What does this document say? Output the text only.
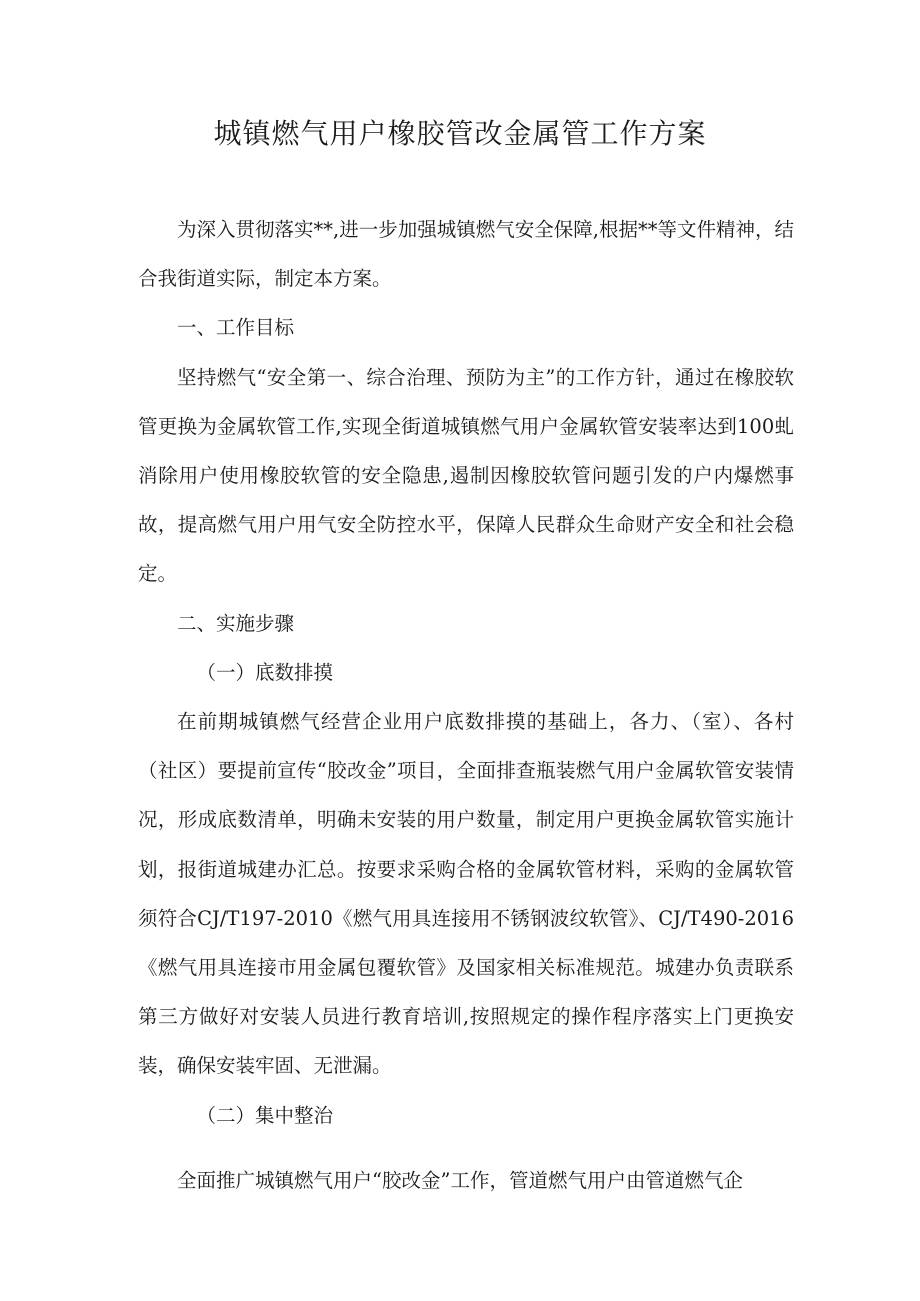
城镇燃气用户橡胶管改金属管工作方案

为深入贯彻落实**,进一步加强城镇燃气安全保障,根据**等文件精神，结合我街道实际，制定本方案。

一、工作目标

坚持燃气“安全第一、综合治理、预防为主”的工作方针，通过在橡胶软管更换为金属软管工作,实现全街道城镇燃气用户金属软管安装率达到100虬消除用户使用橡胶软管的安全隐患,遏制因橡胶软管问题引发的户内爆燃事故，提高燃气用户用气安全防控水平，保障人民群众生命财产安全和社会稳定。

二、实施步骤

（一）底数排摸

在前期城镇燃气经营企业用户底数排摸的基础上，各力、（室）、各村（社区）要提前宣传“胶改金”项目，全面排查瓶装燃气用户金属软管安装情况，形成底数清单，明确未安装的用户数量，制定用户更换金属软管实施计划，报街道城建办汇总。按要求采购合格的金属软管材料，采购的金属软管须符合CJ/T197-2010《燃气用具连接用不锈钢波纹软管》、CJ/T490-2016《燃气用具连接市用金属包覆软管》及国家相关标准规范。城建办负责联系第三方做好对安装人员进行教育培训,按照规定的操作程序落实上门更换安装，确保安装牢固、无泄漏。

（二）集中整治

全面推广城镇燃气用户“胶改金”工作，管道燃气用户由管道燃气企
